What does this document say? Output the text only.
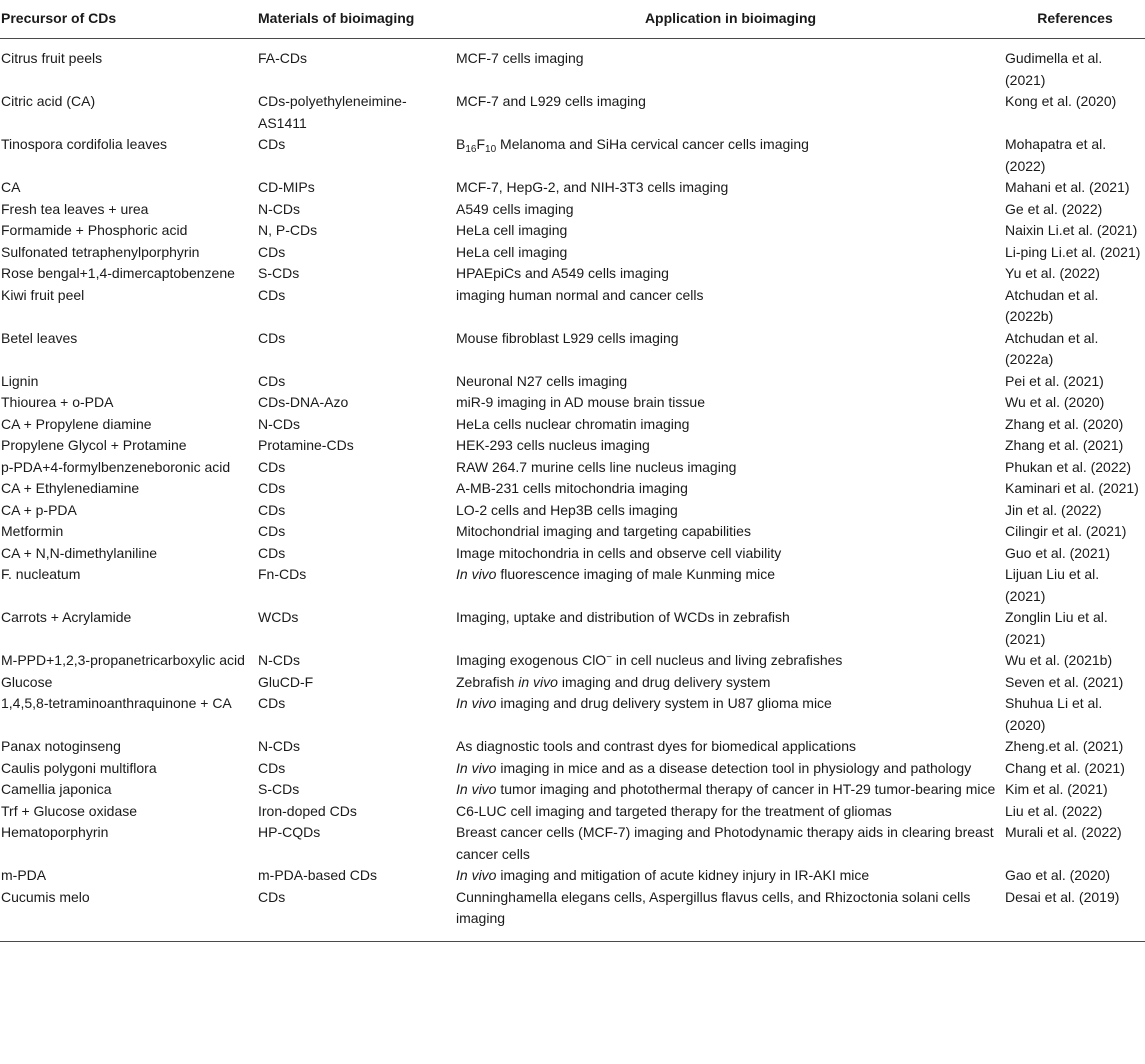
Precursor of CDs	Materials of bioimaging	Application in bioimaging	References
Citrus fruit peels	FA-CDs	MCF-7 cells imaging	Gudimella et al. (2021)
Citric acid (CA)	CDs-polyethyleneimine-AS1411	MCF-7 and L929 cells imaging	Kong et al. (2020)
Tinospora cordifolia leaves	CDs	$B_{16}F_{10}$ Melanoma and SiHa cervical cancer cells imaging	Mohapatra et al. (2022)
CA	CD-MIPs	MCF-7, HepG-2, and NIH-3T3 cells imaging	Mahani et al. (2021)
Fresh tea leaves + urea	N-CDs	A549 cells imaging	Ge et al. (2022)
Formamide + Phosphoric acid	N, P-CDs	HeLa cell imaging	Naixin Li.et al. (2021)
Sulfonated tetraphenylporphyrin	CDs	HeLa cell imaging	Li-ping Li.et al. (2021)
Rose bengal+1,4-dimercaptobenzene	S-CDs	HPAEpiCs and A549 cells imaging	Yu et al. (2022)
Kiwi fruit peel	CDs	imaging human normal and cancer cells	Atchudan et al. (2022b)
Betel leaves	CDs	Mouse fibroblast L929 cells imaging	Atchudan et al. (2022a)
Lignin	CDs	Neuronal N27 cells imaging	Pei et al. (2021)
Thiourea + o-PDA	CDs-DNA-Azo	miR-9 imaging in AD mouse brain tissue	Wu et al. (2020)
CA + Propylene diamine	N-CDs	HeLa cells nuclear chromatin imaging	Zhang et al. (2020)
Propylene Glycol + Protamine	Protamine-CDs	HEK-293 cells nucleus imaging	Zhang et al. (2021)
p-PDA+4-formylbenzeneboronic acid	CDs	RAW 264.7 murine cells line nucleus imaging	Phukan et al. (2022)
CA + Ethylenediamine	CDs	A-MB-231 cells mitochondria imaging	Kaminari et al. (2021)
CA + p-PDA	CDs	LO-2 cells and Hep3B cells imaging	Jin et al. (2022)
Metformin	CDs	Mitochondrial imaging and targeting capabilities	Cilingir et al. (2021)
CA + N,N-dimethylaniline	CDs	Image mitochondria in cells and observe cell viability	Guo et al. (2021)
F. nucleatum	Fn-CDs	In vivo fluorescence imaging of male Kunming mice	Lijuan Liu et al. (2021)
Carrots + Acrylamide	WCDs	Imaging, uptake and distribution of WCDs in zebrafish	Zonglin Liu et al. (2021)
M-PPD+1,2,3-propanetricarboxylic acid	N-CDs	Imaging exogenous ClO− in cell nucleus and living zebrafishes	Wu et al. (2021b)
Glucose	GluCD-F	Zebrafish in vivo imaging and drug delivery system	Seven et al. (2021)
1,4,5,8-tetraminoanthraquinone + CA	CDs	In vivo imaging and drug delivery system in U87 glioma mice	Shuhua Li et al. (2020)
Panax notoginseng	N-CDs	As diagnostic tools and contrast dyes for biomedical applications	Zheng.et al. (2021)
Caulis polygoni multiflora	CDs	In vivo imaging in mice and as a disease detection tool in physiology and pathology	Chang et al. (2021)
Camellia japonica	S-CDs	In vivo tumor imaging and photothermal therapy of cancer in HT-29 tumor-bearing mice	Kim et al. (2021)
Trf + Glucose oxidase	Iron-doped CDs	C6-LUC cell imaging and targeted therapy for the treatment of gliomas	Liu et al. (2022)
Hematoporphyrin	HP-CQDs	Breast cancer cells (MCF-7) imaging and Photodynamic therapy aids in clearing breast cancer cells	Murali et al. (2022)
m-PDA	m-PDA-based CDs	In vivo imaging and mitigation of acute kidney injury in IR-AKI mice	Gao et al. (2020)
Cucumis melo	CDs	Cunninghamella elegans cells, Aspergillus flavus cells, and Rhizoctonia solani cells imaging	Desai et al. (2019)
